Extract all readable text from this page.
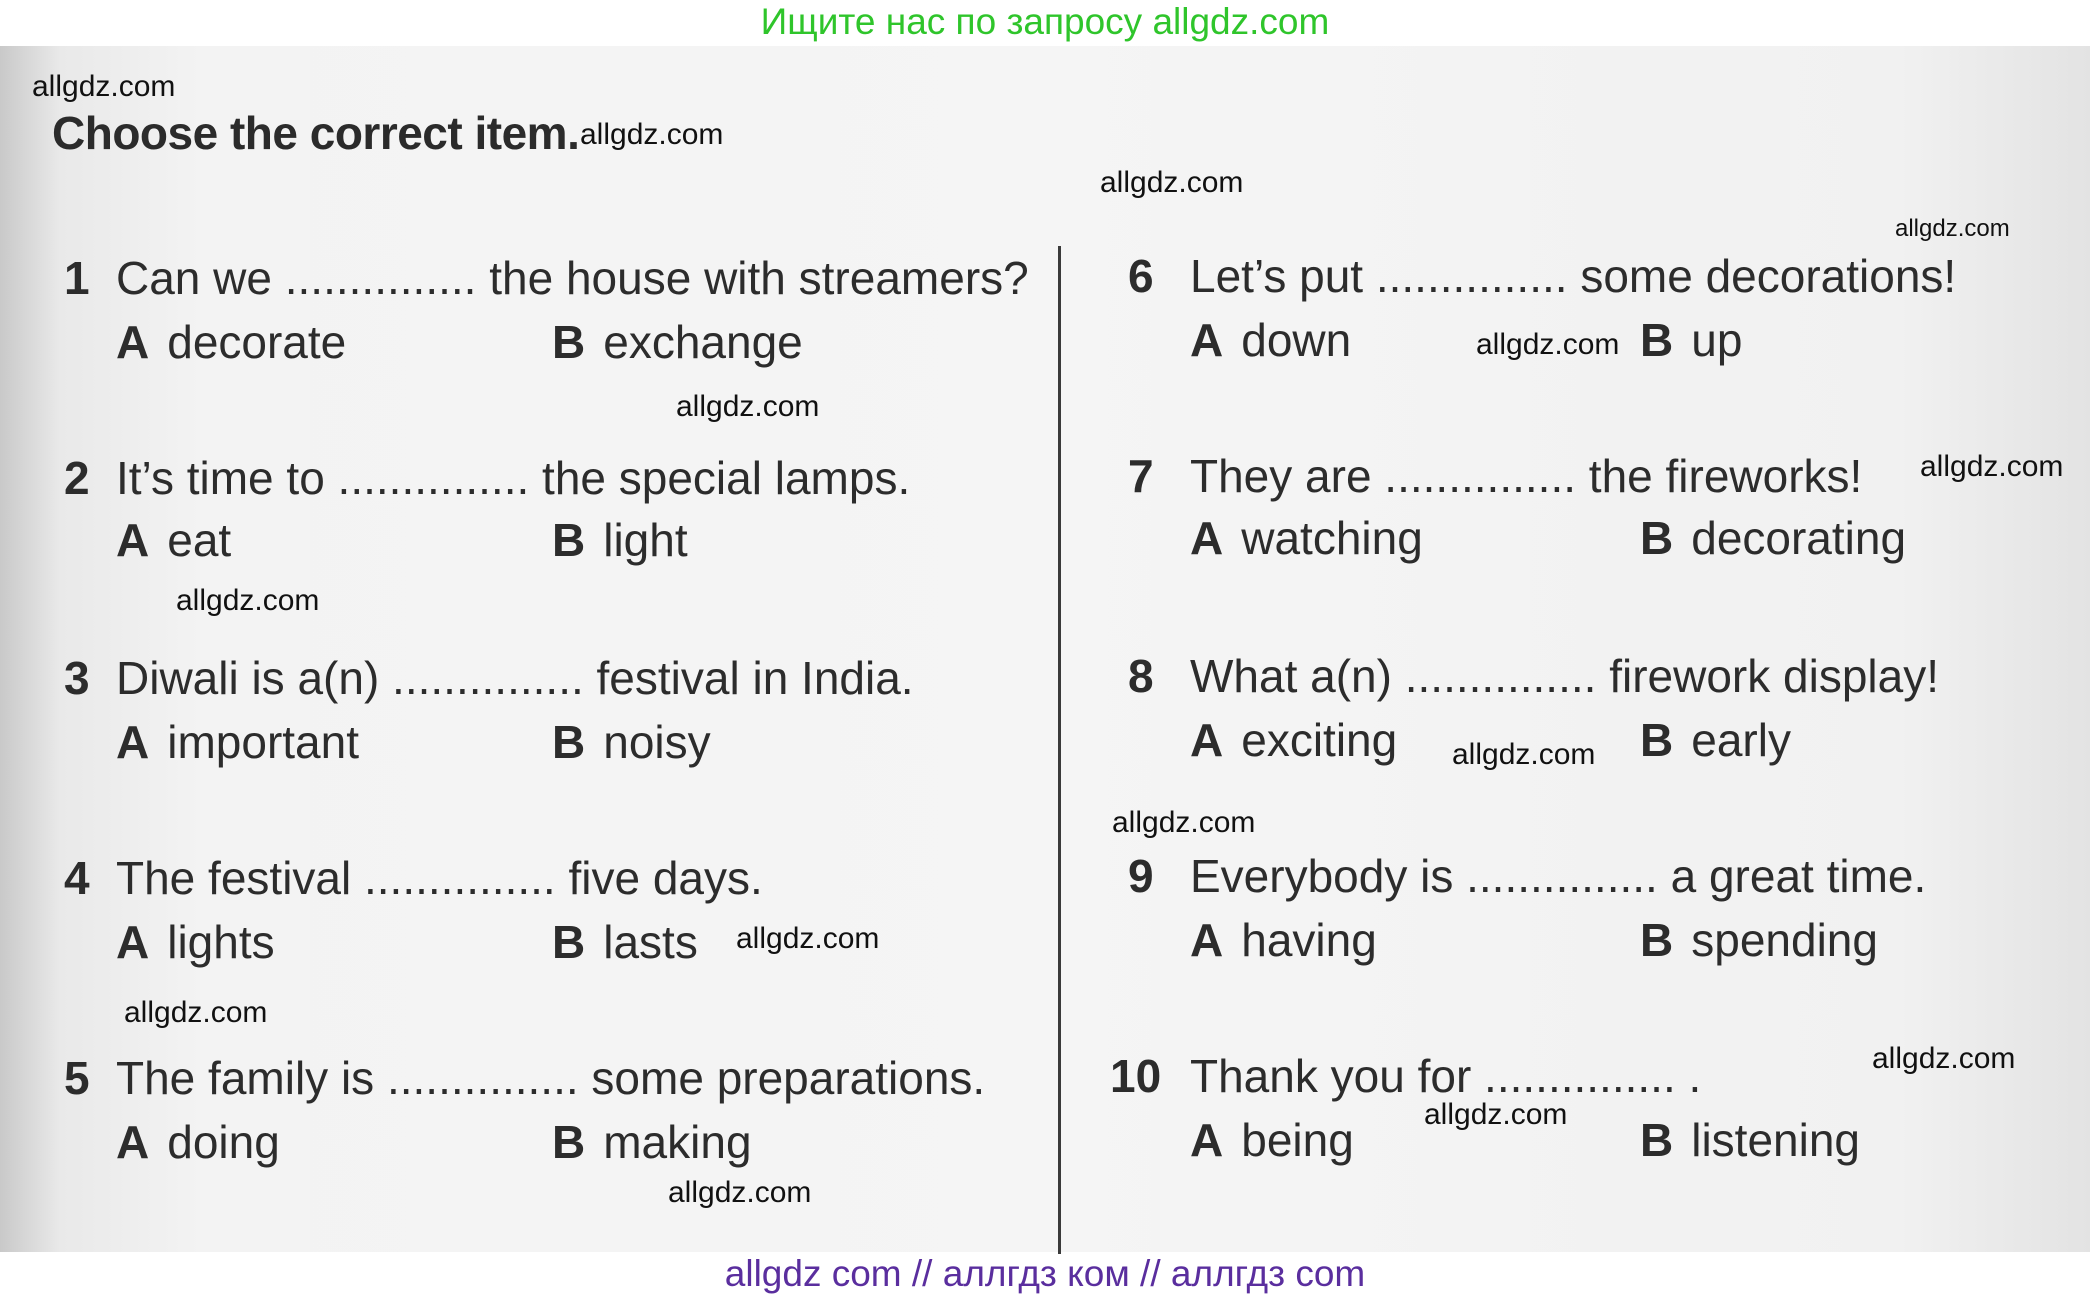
Ищите нас по запросу allgdz.com
Choose the correct item.
1 Can we ............... the house with streamers?
A decorate	B exchange
2 It’s time to ............... the special lamps.
A eat	B light
3 Diwali is a(n) ............... festival in India.
A important	B noisy
4 The festival ............... five days.
A lights	B lasts
5 The family is ............... some preparations.
A doing	B making
6 Let’s put ............... some decorations!
A down	B up
7 They are ............... the fireworks!
A watching	B decorating
8 What a(n) ............... firework display!
A exciting	B early
9 Everybody is ............... a great time.
A having	B spending
10 Thank you for ............... .
A being	B listening
allgdz.com
allgdz.com
allgdz.com
allgdz.com
allgdz.com
allgdz.com
allgdz.com
allgdz.com
allgdz.com
allgdz.com
allgdz.com
allgdz.com
allgdz.com
allgdz.com
allgdz.com
allgdz com // аллгдз ком // аллгдз com
